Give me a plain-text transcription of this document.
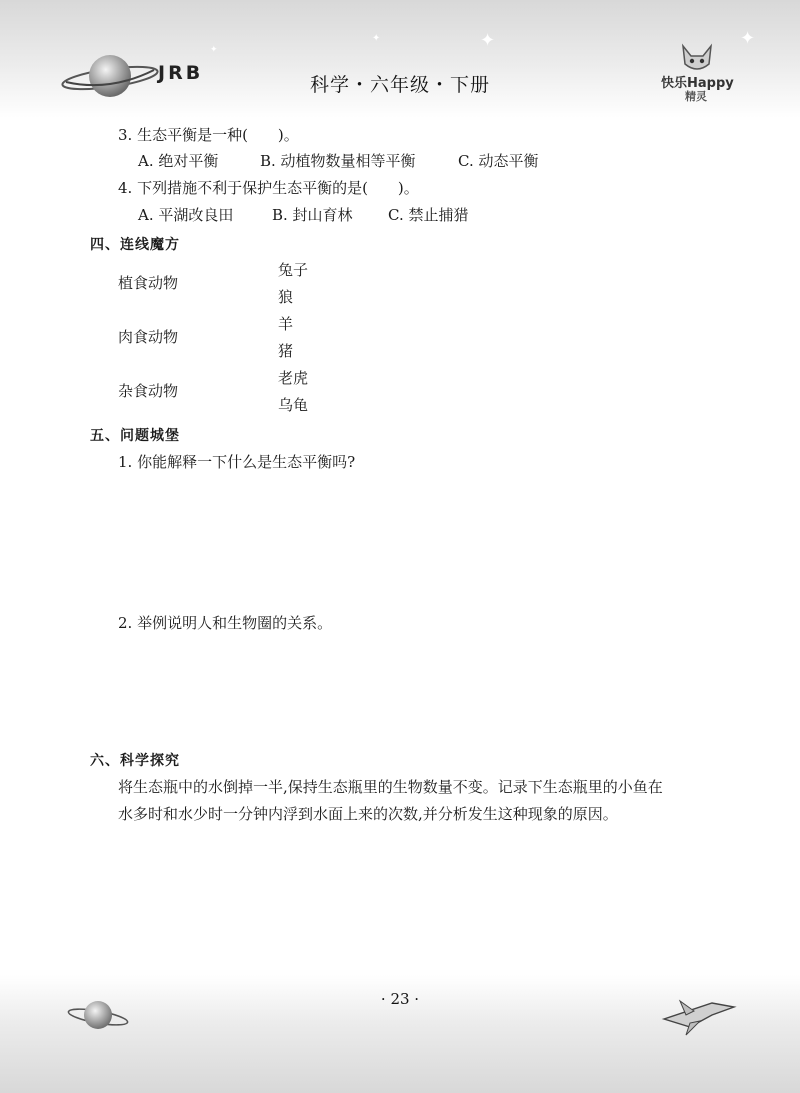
✦	✦
✦
✦
JRB
科学・六年级・下册	快乐Happy
精灵
3. 生态平衡是一种(　　)。
A. 绝对平衡	B. 动植物数量相等平衡	C. 动态平衡
4. 下列措施不利于保护生态平衡的是(　　)。
A. 平湖改良田	B. 封山育林 C. 禁止捕猎
四、连线魔方
植食动物
肉食动物
杂食动物
兔子
狼
羊
猪
老虎
乌龟
五、问题城堡
1. 你能解释一下什么是生态平衡吗?
2. 举例说明人和生物圈的关系。
六、科学探究
将生态瓶中的水倒掉一半,保持生态瓶里的生物数量不变。记录下生态瓶里的小鱼在
水多时和水少时一分钟内浮到水面上来的次数,并分析发生这种现象的原因。
· 23 ·
